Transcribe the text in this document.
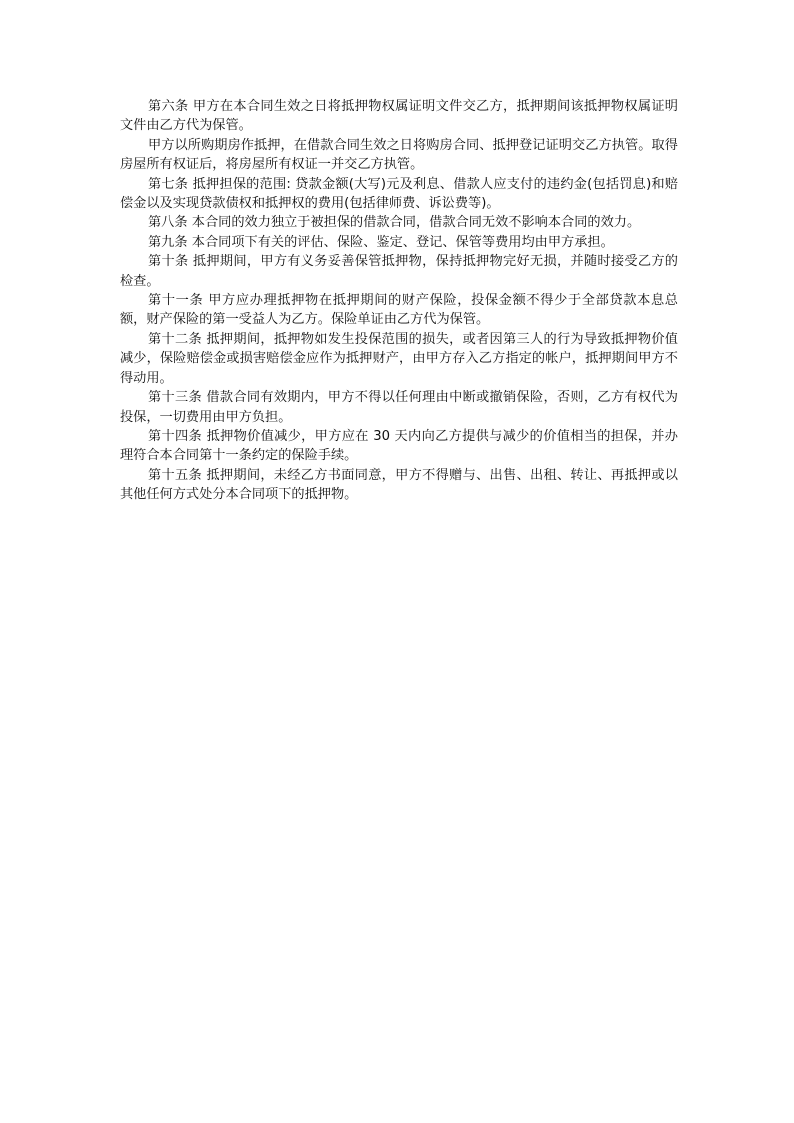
第六条 甲方在本合同生效之日将抵押物权属证明文件交乙方，抵押期间该抵押物权属证明文件由乙方代为保管。

甲方以所购期房作抵押，在借款合同生效之日将购房合同、抵押登记证明交乙方执管。取得房屋所有权证后，将房屋所有权证一并交乙方执管。

第七条 抵押担保的范围: 贷款金额(大写)元及利息、借款人应支付的违约金(包括罚息)和赔偿金以及实现贷款债权和抵押权的费用(包括律师费、诉讼费等)。

第八条 本合同的效力独立于被担保的借款合同，借款合同无效不影响本合同的效力。

第九条 本合同项下有关的评估、保险、鉴定、登记、保管等费用均由甲方承担。

第十条 抵押期间，甲方有义务妥善保管抵押物，保持抵押物完好无损，并随时接受乙方的检查。

第十一条 甲方应办理抵押物在抵押期间的财产保险，投保金额不得少于全部贷款本息总额，财产保险的第一受益人为乙方。保险单证由乙方代为保管。

第十二条 抵押期间，抵押物如发生投保范围的损失，或者因第三人的行为导致抵押物价值减少，保险赔偿金或损害赔偿金应作为抵押财产，由甲方存入乙方指定的帐户，抵押期间甲方不得动用。

第十三条 借款合同有效期内，甲方不得以任何理由中断或撤销保险，否则，乙方有权代为投保，一切费用由甲方负担。

第十四条 抵押物价值减少，甲方应在 30 天内向乙方提供与减少的价值相当的担保，并办理符合本合同第十一条约定的保险手续。

第十五条 抵押期间，未经乙方书面同意，甲方不得赠与、出售、出租、转让、再抵押或以其他任何方式处分本合同项下的抵押物。
